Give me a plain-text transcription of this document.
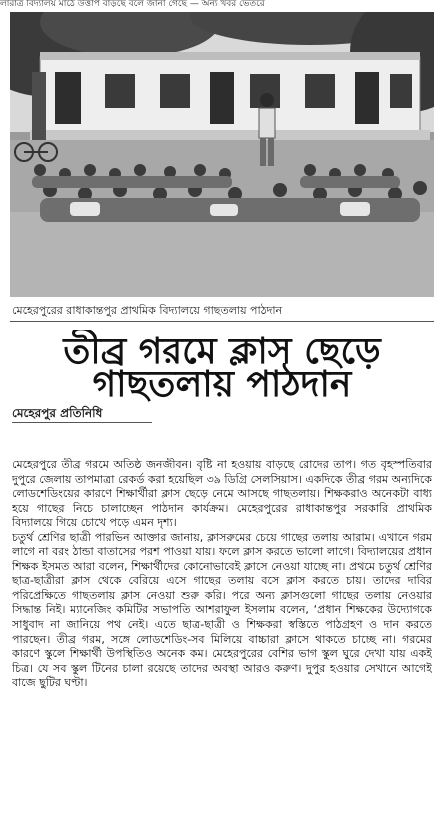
লারাত্র বিদ্যালয় মাঠে উত্তাপ বাড়ছে বলে জানা গেছে — অন্য খবর ভেতরে
মেহেরপুরের রাধাকান্তপুর প্রাথমিক বিদ্যালয়ে গাছতলায় পাঠদান
তীব্র গরমে ক্লাস ছেড়ে
গাছতলায় পাঠদান
মেহেরপুর প্রতিনিধি

মেহেরপুরে তীব্র গরমে অতিষ্ঠ জনজীবন। বৃষ্টি না হওয়ায় বাড়ছে রোদের তাপ। গত বৃহস্পতিবার দুপুরে জেলায় তাপমাত্রা রেকর্ড করা হয়েছিল ৩৯ ডিগ্রি সেলসিয়াস। একদিকে তীব্র গরম অন্যদিকে লোডশেডিংয়ের কারণে শিক্ষার্থীরা ক্লাস ছেড়ে নেমে আসছে গাছতলায়। শিক্ষকরাও অনেকটা বাধ্য হয়ে গাছের নিচে চালাচ্ছেন পাঠদান কার্যক্রম। মেহেরপুরের রাধাকান্তপুর সরকারি প্রাথমিক বিদ্যালয়ে গিয়ে চোখে পড়ে এমন দৃশ্য।

চতুর্থ শ্রেণির ছাত্রী পারভিন আক্তার জানায়, ক্লাসরুমের চেয়ে গাছের তলায় আরাম। এখানে গরম লাগে না বরং ঠান্ডা বাতাসের পরশ পাওয়া যায়। ফলে ক্লাস করতে ভালো লাগে। বিদ্যালয়ের প্রধান শিক্ষক ইসমত আরা বলেন, শিক্ষার্থীদের কোনোভাবেই ক্লাসে নেওয়া যাচ্ছে না। প্রথমে চতুর্থ শ্রেণির ছাত্র-ছাত্রীরা ক্লাস থেকে বেরিয়ে এসে গাছের তলায় বসে ক্লাস করতে চায়। তাদের দাবির পরিপ্রেক্ষিতে গাছতলায় ক্লাস নেওয়া শুরু করি। পরে অন্য ক্লাসগুলো গাছের তলায় নেওয়ার সিদ্ধান্ত নিই। ম্যানেজিং কমিটির সভাপতি আশরাফুল ইসলাম বলেন, ‘প্রধান শিক্ষকের উদ্যোগকে সাধুবাদ না জানিয়ে পথ নেই। এতে ছাত্র-ছাত্রী ও শিক্ষকরা স্বস্তিতে পাঠগ্রহণ ও দান করতে পারছেন। তীব্র গরম, সঙ্গে লোডশেডিং-সব মিলিয়ে বাচ্চারা ক্লাসে থাকতে চাচ্ছে না। গরমের কারণে স্কুলে শিক্ষার্থী উপস্থিতিও অনেক কম। মেহেরপুরের বেশির ভাগ স্কুল ঘুরে দেখা যায় একই চিত্র। যে সব স্কুল টিনের চালা রয়েছে তাদের অবস্থা আরও করুণ। দুপুর হওয়ার সেখানে আগেই বাজে ছুটির ঘণ্টা।
